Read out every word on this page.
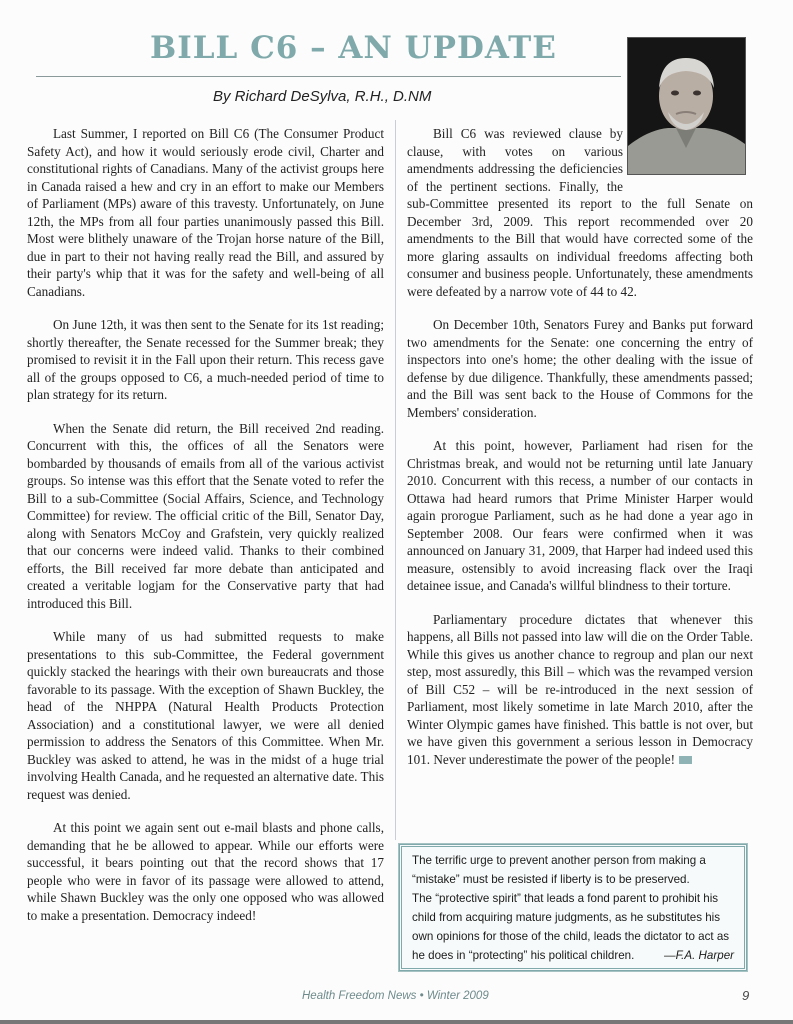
BILL C6 – AN UPDATE
By Richard DeSylva, R.H., D.NM

Last Summer, I reported on Bill C6 (The Consumer Product Safety Act), and how it would seriously erode civil, Charter and constitutional rights of Canadians. Many of the activist groups here in Canada raised a hew and cry in an effort to make our Members of Parliament (MPs) aware of this travesty. Unfortunately, on June 12th, the MPs from all four parties unanimously passed this Bill. Most were blithely unaware of the Trojan horse nature of the Bill, due in part to their not having really read the Bill, and assured by their party's whip that it was for the safety and well-being of all Canadians.

On June 12th, it was then sent to the Senate for its 1st reading; shortly thereafter, the Senate recessed for the Summer break; they promised to revisit it in the Fall upon their return. This recess gave all of the groups opposed to C6, a much-needed period of time to plan strategy for its return.

When the Senate did return, the Bill received 2nd reading. Concurrent with this, the offices of all the Senators were bombarded by thousands of emails from all of the various activist groups. So intense was this effort that the Senate voted to refer the Bill to a sub-Committee (Social Affairs, Science, and Technology Committee) for review. The official critic of the Bill, Senator Day, along with Senators McCoy and Grafstein, very quickly realized that our concerns were indeed valid. Thanks to their combined efforts, the Bill received far more debate than anticipated and created a veritable logjam for the Conservative party that had introduced this Bill.

While many of us had submitted requests to make presentations to this sub-Committee, the Federal government quickly stacked the hearings with their own bureaucrats and those favorable to its passage. With the exception of Shawn Buckley, the head of the NHPPA (Natural Health Products Protection Association) and a constitutional lawyer, we were all denied permission to address the Senators of this Committee. When Mr. Buckley was asked to attend, he was in the midst of a huge trial involving Health Canada, and he requested an alternative date. This request was denied.

At this point we again sent out e-mail blasts and phone calls, demanding that he be allowed to appear. While our efforts were successful, it bears pointing out that the record shows that 17 people who were in favor of its passage were allowed to attend, while Shawn Buckley was the only one opposed who was allowed to make a presentation. Democracy indeed!

Bill C6 was reviewed clause by clause, with votes on various amendments addressing the deficiencies of the pertinent sections. Finally, the sub-Committee presented its report to the full Senate on December 3rd, 2009. This report recommended over 20 amendments to the Bill that would have corrected some of the more glaring assaults on individual freedoms affecting both consumer and business people. Unfortunately, these amendments were defeated by a narrow vote of 44 to 42.

On December 10th, Senators Furey and Banks put forward two amendments for the Senate: one concerning the entry of inspectors into one's home; the other dealing with the issue of defense by due diligence. Thankfully, these amendments passed; and the Bill was sent back to the House of Commons for the Members' consideration.

At this point, however, Parliament had risen for the Christmas break, and would not be returning until late January 2010. Concurrent with this recess, a number of our contacts in Ottawa had heard rumors that Prime Minister Harper would again prorogue Parliament, such as he had done a year ago in September 2008. Our fears were confirmed when it was announced on January 31, 2009, that Harper had indeed used this measure, ostensibly to avoid increasing flack over the Iraqi detainee issue, and Canada's willful blindness to their torture.

Parliamentary procedure dictates that whenever this happens, all Bills not passed into law will die on the Order Table. While this gives us another chance to regroup and plan our next step, most assuredly, this Bill – which was the revamped version of Bill C52 – will be re-introduced in the next session of Parliament, most likely sometime in late March 2010, after the Winter Olympic games have finished. This battle is not over, but we have given this government a serious lesson in Democracy 101. Never underestimate the power of the people!

The terrific urge to prevent another person from making a “mistake” must be resisted if liberty is to be preserved.

The “protective spirit” that leads a fond parent to prohibit his child from acquiring mature judgments, as he substitutes his own opinions for those of the child, leads the dictator to act as he does in “protecting” his political children.	—F.A. Harper

Health Freedom News • Winter 2009	9
